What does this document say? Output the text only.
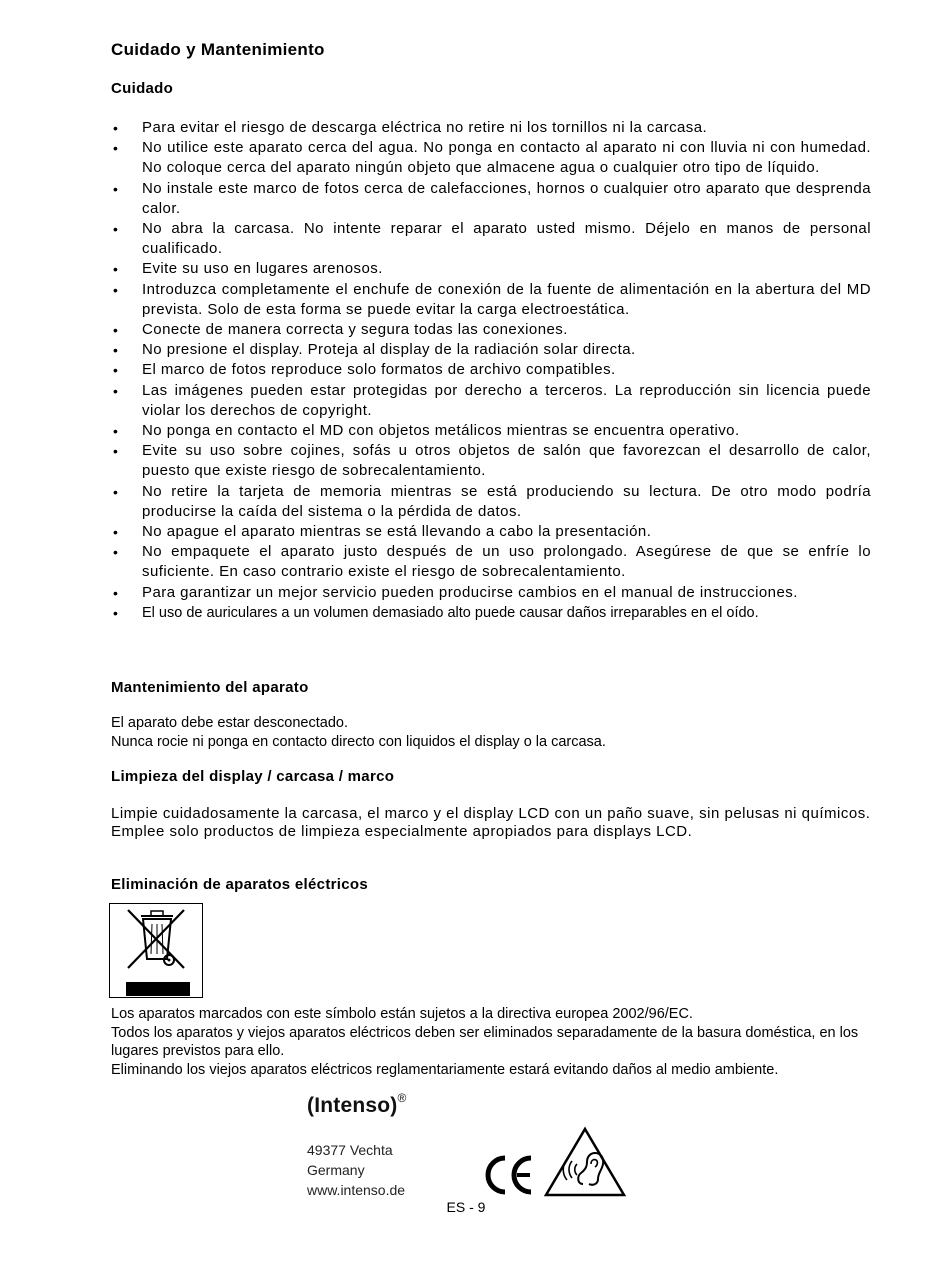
Cuidado y Mantenimiento
Cuidado
• Para evitar el riesgo de descarga eléctrica no retire ni los tornillos ni la carcasa.
• No utilice este aparato cerca del agua. No ponga en contacto al aparato ni con lluvia ni con humedad. No coloque cerca del aparato ningún objeto que almacene agua o cualquier otro tipo de líquido.
• No instale este marco de fotos cerca de calefacciones, hornos o cualquier otro aparato que desprenda calor.
• No abra la carcasa. No intente reparar el aparato usted mismo. Déjelo en manos de personal cualificado.
• Evite su uso en lugares arenosos.
• Introduzca completamente el enchufe de conexión de la fuente de alimentación en la abertura del MD prevista. Solo de esta forma se puede evitar la carga electroestática.
• Conecte de manera correcta y segura todas las conexiones.
• No presione el display. Proteja al display de la radiación solar directa.
• El marco de fotos reproduce solo formatos de archivo compatibles.
• Las imágenes pueden estar protegidas por derecho a terceros. La reproducción sin licencia puede violar los derechos de copyright.
• No ponga en contacto el MD con objetos metálicos mientras se encuentra operativo.
• Evite su uso sobre cojines, sofás u otros objetos de salón que favorezcan el desarrollo de calor, puesto que existe riesgo de sobrecalentamiento.
• No retire la tarjeta de memoria mientras se está produciendo su lectura. De otro modo podría producirse la caída del sistema o la pérdida de datos.
• No apague el aparato mientras se está llevando a cabo la presentación.
• No empaquete el aparato justo después de un uso prolongado. Asegúrese de que se enfríe lo suficiente. En caso contrario existe el riesgo de sobrecalentamiento.
• Para garantizar un mejor servicio pueden producirse cambios en el manual de instrucciones.
• El uso de auriculares a un volumen demasiado alto puede causar daños irreparables en el oído.
Mantenimiento del aparato
El aparato debe estar desconectado.
Nunca rocie ni ponga en contacto directo con liquidos el display o la carcasa.
Limpieza del display / carcasa / marco

Limpie cuidadosamente la carcasa, el marco y el display LCD con un paño suave, sin pelusas ni químicos. Emplee solo productos de limpieza especialmente apropiados para displays LCD.

Eliminación de aparatos eléctricos
Los aparatos marcados con este símbolo están sujetos a la directiva europea 2002/96/EC.
Todos los aparatos y viejos aparatos eléctricos deben ser eliminados separadamente de la basura doméstica, en los lugares previstos para ello.
Eliminando los viejos aparatos eléctricos reglamentariamente estará evitando daños al medio ambiente.
(Intenso)®
49377 Vechta
Germany
www.intenso.de
ES - 9
